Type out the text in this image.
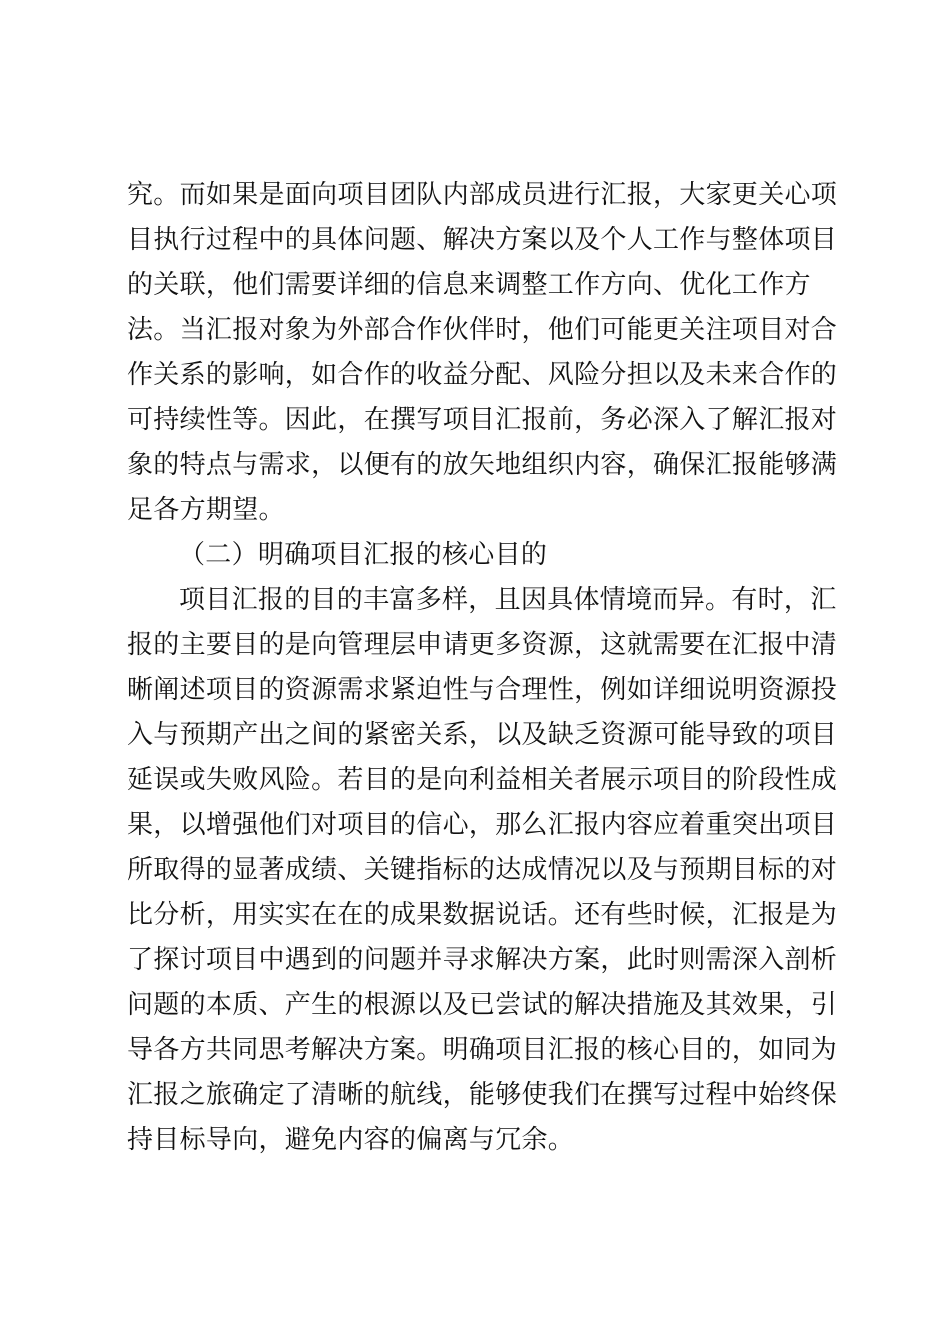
究。而如果是面向项目团队内部成员进行汇报，大家更关心项
目执行过程中的具体问题、解决方案以及个人工作与整体项目
的关联，他们需要详细的信息来调整工作方向、优化工作方
法。当汇报对象为外部合作伙伴时，他们可能更关注项目对合
作关系的影响，如合作的收益分配、风险分担以及未来合作的
可持续性等。因此，在撰写项目汇报前，务必深入了解汇报对
象的特点与需求，以便有的放矢地组织内容，确保汇报能够满
足各方期望。
（二）明确项目汇报的核心目的
项目汇报的目的丰富多样，且因具体情境而异。有时，汇
报的主要目的是向管理层申请更多资源，这就需要在汇报中清
晰阐述项目的资源需求紧迫性与合理性，例如详细说明资源投
入与预期产出之间的紧密关系，以及缺乏资源可能导致的项目
延误或失败风险。若目的是向利益相关者展示项目的阶段性成
果，以增强他们对项目的信心，那么汇报内容应着重突出项目
所取得的显著成绩、关键指标的达成情况以及与预期目标的对
比分析，用实实在在的成果数据说话。还有些时候，汇报是为
了探讨项目中遇到的问题并寻求解决方案，此时则需深入剖析
问题的本质、产生的根源以及已尝试的解决措施及其效果，引
导各方共同思考解决方案。明确项目汇报的核心目的，如同为
汇报之旅确定了清晰的航线，能够使我们在撰写过程中始终保
持目标导向，避免内容的偏离与冗余。
